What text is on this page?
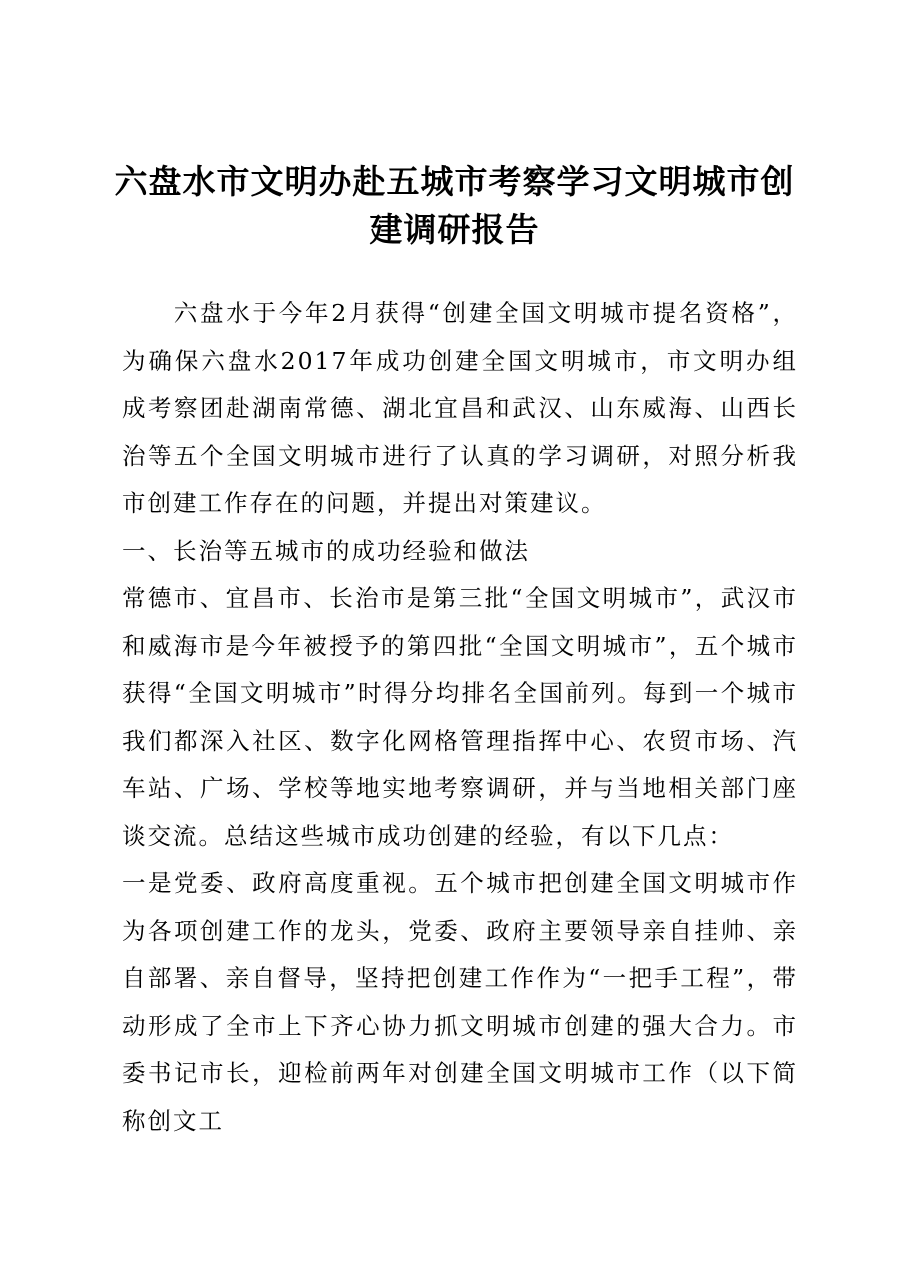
六盘水市文明办赴五城市考察学习文明城市创建调研报告

六盘水于今年2月获得“创建全国文明城市提名资格”，为确保六盘水2017年成功创建全国文明城市，市文明办组成考察团赴湖南常德、湖北宜昌和武汉、山东威海、山西长治等五个全国文明城市进行了认真的学习调研，对照分析我市创建工作存在的问题，并提出对策建议。

一、长治等五城市的成功经验和做法

常德市、宜昌市、长治市是第三批“全国文明城市”，武汉市和威海市是今年被授予的第四批“全国文明城市”，五个城市获得“全国文明城市”时得分均排名全国前列。每到一个城市我们都深入社区、数字化网格管理指挥中心、农贸市场、汽车站、广场、学校等地实地考察调研，并与当地相关部门座谈交流。总结这些城市成功创建的经验，有以下几点：

一是党委、政府高度重视。五个城市把创建全国文明城市作为各项创建工作的龙头，党委、政府主要领导亲自挂帅、亲自部署、亲自督导，坚持把创建工作作为“一把手工程”，带动形成了全市上下齐心协力抓文明城市创建的强大合力。市委书记市长，迎检前两年对创建全国文明城市工作（以下简称创文工
